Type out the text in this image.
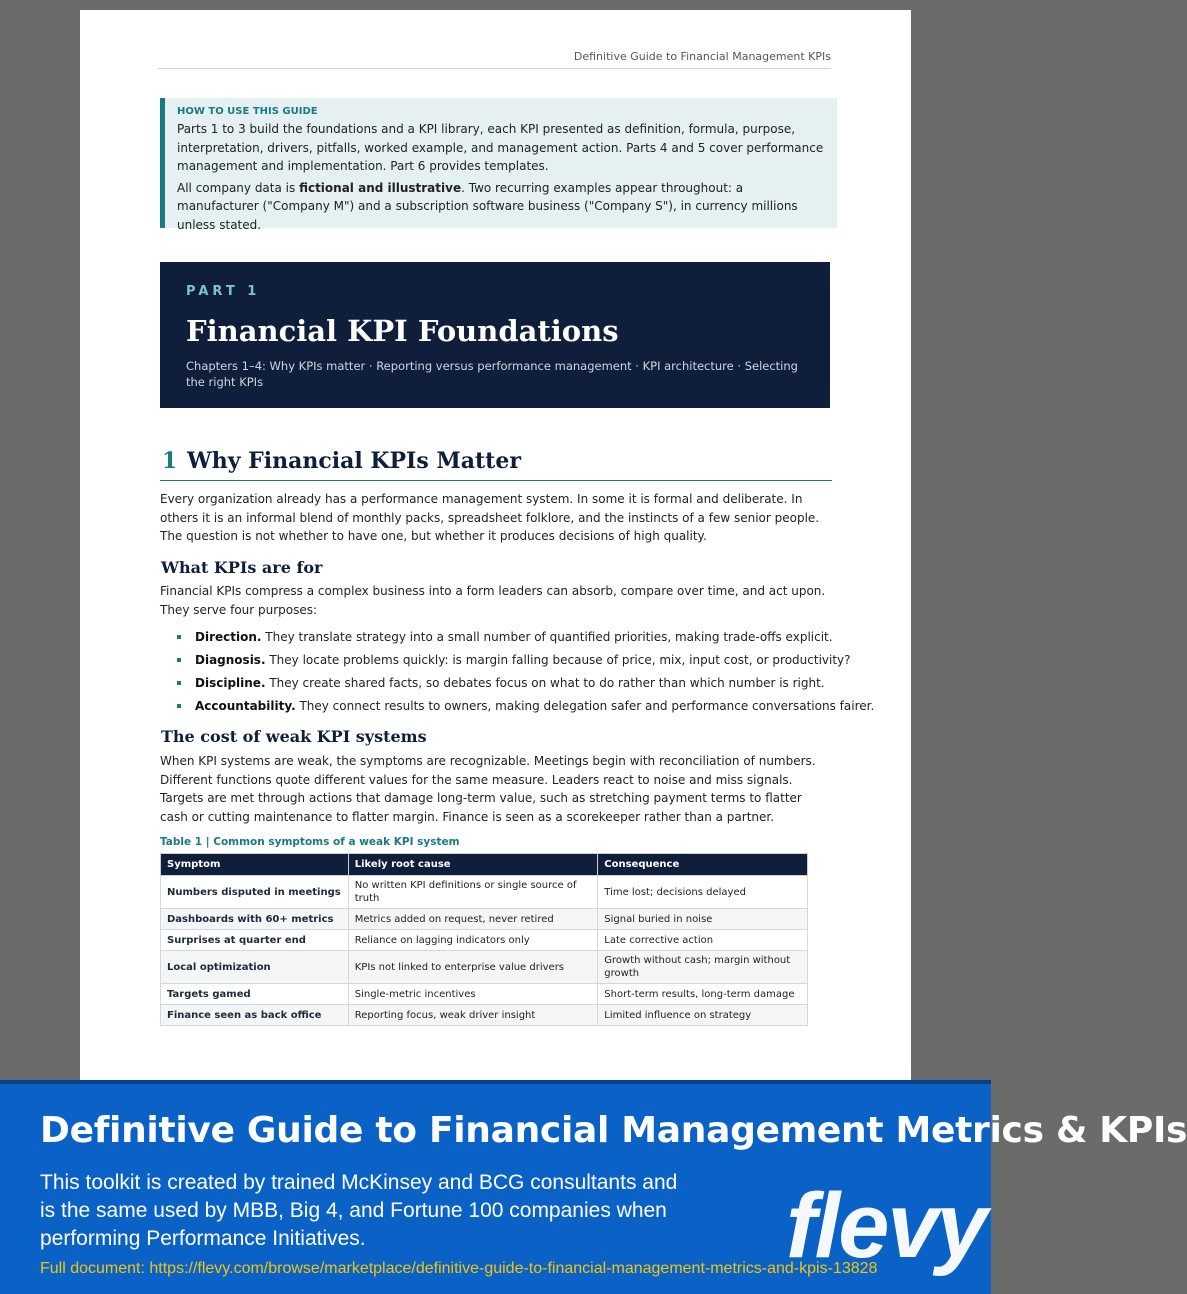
Definitive Guide to Financial Management KPIs
HOW TO USE THIS GUIDE

Parts 1 to 3 build the foundations and a KPI library, each KPI presented as definition, formula, purpose, interpretation, drivers, pitfalls, worked example, and management action. Parts 4 and 5 cover performance management and implementation. Part 6 provides templates.

All company data is fictional and illustrative. Two recurring examples appear throughout: a manufacturer ("Company M") and a subscription software business ("Company S"), in currency millions unless stated.

PART 1
Financial KPI Foundations
Chapters 1–4: Why KPIs matter · Reporting versus performance management · KPI architecture · Selecting the right KPIs
1 Why Financial KPIs Matter

Every organization already has a performance management system. In some it is formal and deliberate. In others it is an informal blend of monthly packs, spreadsheet folklore, and the instincts of a few senior people. The question is not whether to have one, but whether it produces decisions of high quality.

What KPIs are for

Financial KPIs compress a complex business into a form leaders can absorb, compare over time, and act upon. They serve four purposes:

Direction. They translate strategy into a small number of quantified priorities, making trade-offs explicit.
Diagnosis. They locate problems quickly: is margin falling because of price, mix, input cost, or productivity?
Discipline. They create shared facts, so debates focus on what to do rather than which number is right.
Accountability. They connect results to owners, making delegation safer and performance conversations fairer.
The cost of weak KPI systems

When KPI systems are weak, the symptoms are recognizable. Meetings begin with reconciliation of numbers. Different functions quote different values for the same measure. Leaders react to noise and miss signals. Targets are met through actions that damage long-term value, such as stretching payment terms to flatter cash or cutting maintenance to flatter margin. Finance is seen as a scorekeeper rather than a partner.

Table 1 | Common symptoms of a weak KPI system
Symptom	Likely root cause	Consequence
Numbers disputed in meetings	No written KPI definitions or single source of truth	Time lost; decisions delayed
Dashboards with 60+ metrics	Metrics added on request, never retired	Signal buried in noise
Surprises at quarter end	Reliance on lagging indicators only	Late corrective action
Local optimization	KPIs not linked to enterprise value drivers	Growth without cash; margin without growth
Targets gamed	Single-metric incentives	Short-term results, long-term damage
Finance seen as back office	Reporting focus, weak driver insight	Limited influence on strategy
Definitive Guide to Financial Management Metrics & KPIs
This toolkit is created by trained McKinsey and BCG consultants and is the same used by MBB, Big 4, and Fortune 100 companies when performing Performance Initiatives.
Full document: https://flevy.com/browse/marketplace/definitive-guide-to-financial-management-metrics-and-kpis-13828
flevy
